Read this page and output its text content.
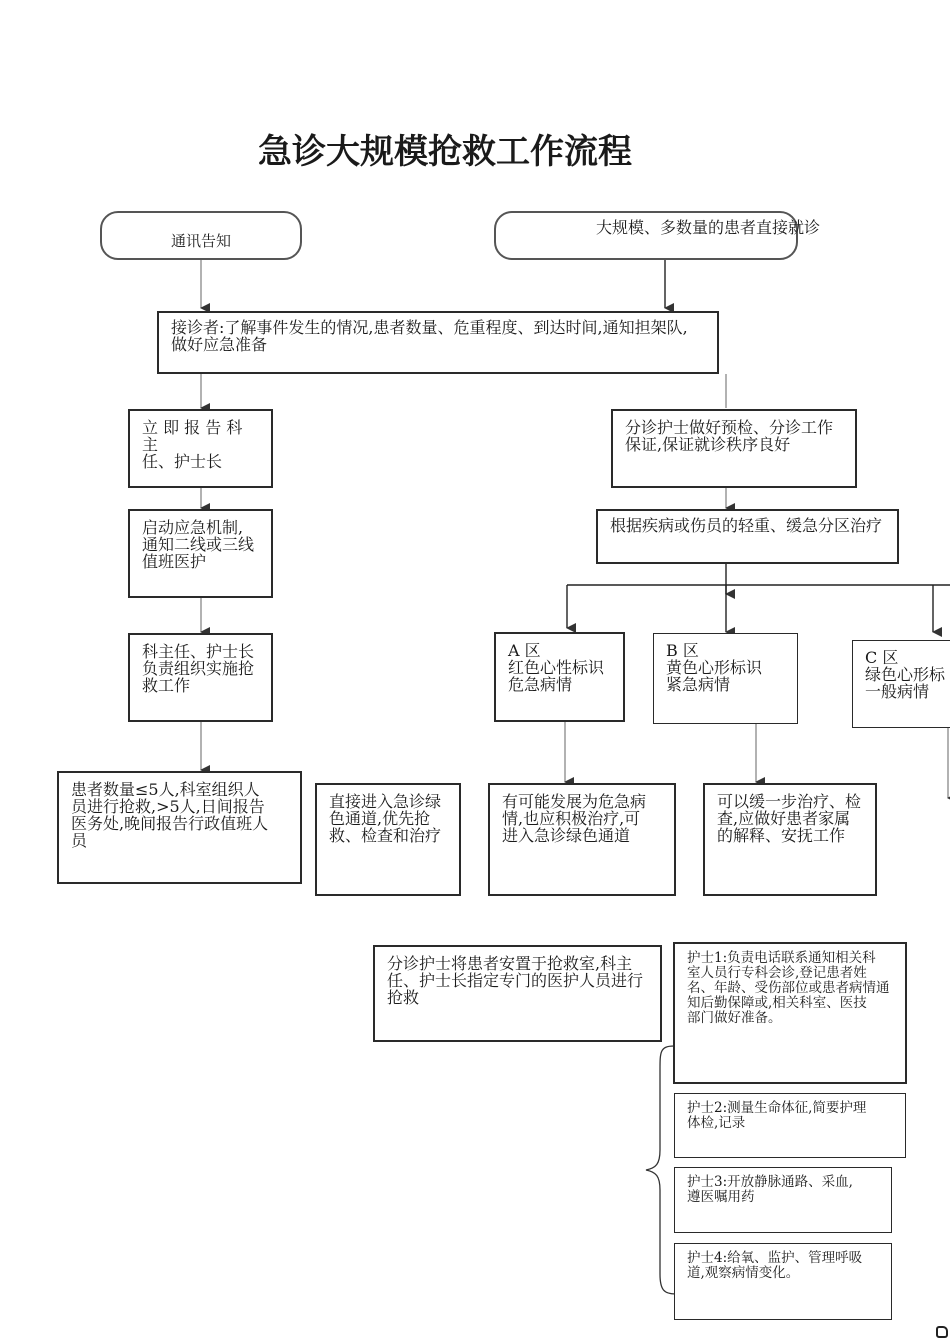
急诊大规模抢救工作流程
通讯告知
大规模、多数量的患者直接就诊
接诊者:了解事件发生的情况,患者数量、危重程度、到达时间,通知担架队,
做好应急准备
立 即 报 告 科 主
任、护士长
启动应急机制,
通知二线或三线
值班医护
科主任、护士长
负责组织实施抢
救工作
患者数量≤5人,科室组织人
员进行抢救,>5人,日间报告
医务处,晚间报告行政值班人
员
分诊护士做好预检、分诊工作
保证,保证就诊秩序良好
根据疾病或伤员的轻重、缓急分区治疗
A 区
红色心性标识
危急病情
B 区
黄色心形标识
紧急病情
C 区
绿色心形标
一般病情
直接进入急诊绿
色通道,优先抢
救、检查和治疗
有可能发展为危急病
情,也应积极治疗,可
进入急诊绿色通道
可以缓一步治疗、检
查,应做好患者家属
的解释、安抚工作
分诊护士将患者安置于抢救室,科主
任、护士长指定专门的医护人员进行
抢救
护士1:负责电话联系通知相关科
室人员行专科会诊,登记患者姓
名、年龄、受伤部位或患者病情通
知后勤保障或,相关科室、医技
部门做好准备。
护士2:测量生命体征,简要护理
体检,记录
护士3:开放静脉通路、采血,
遵医嘱用药
护士4:给氧、监护、管理呼吸
道,观察病情变化。
